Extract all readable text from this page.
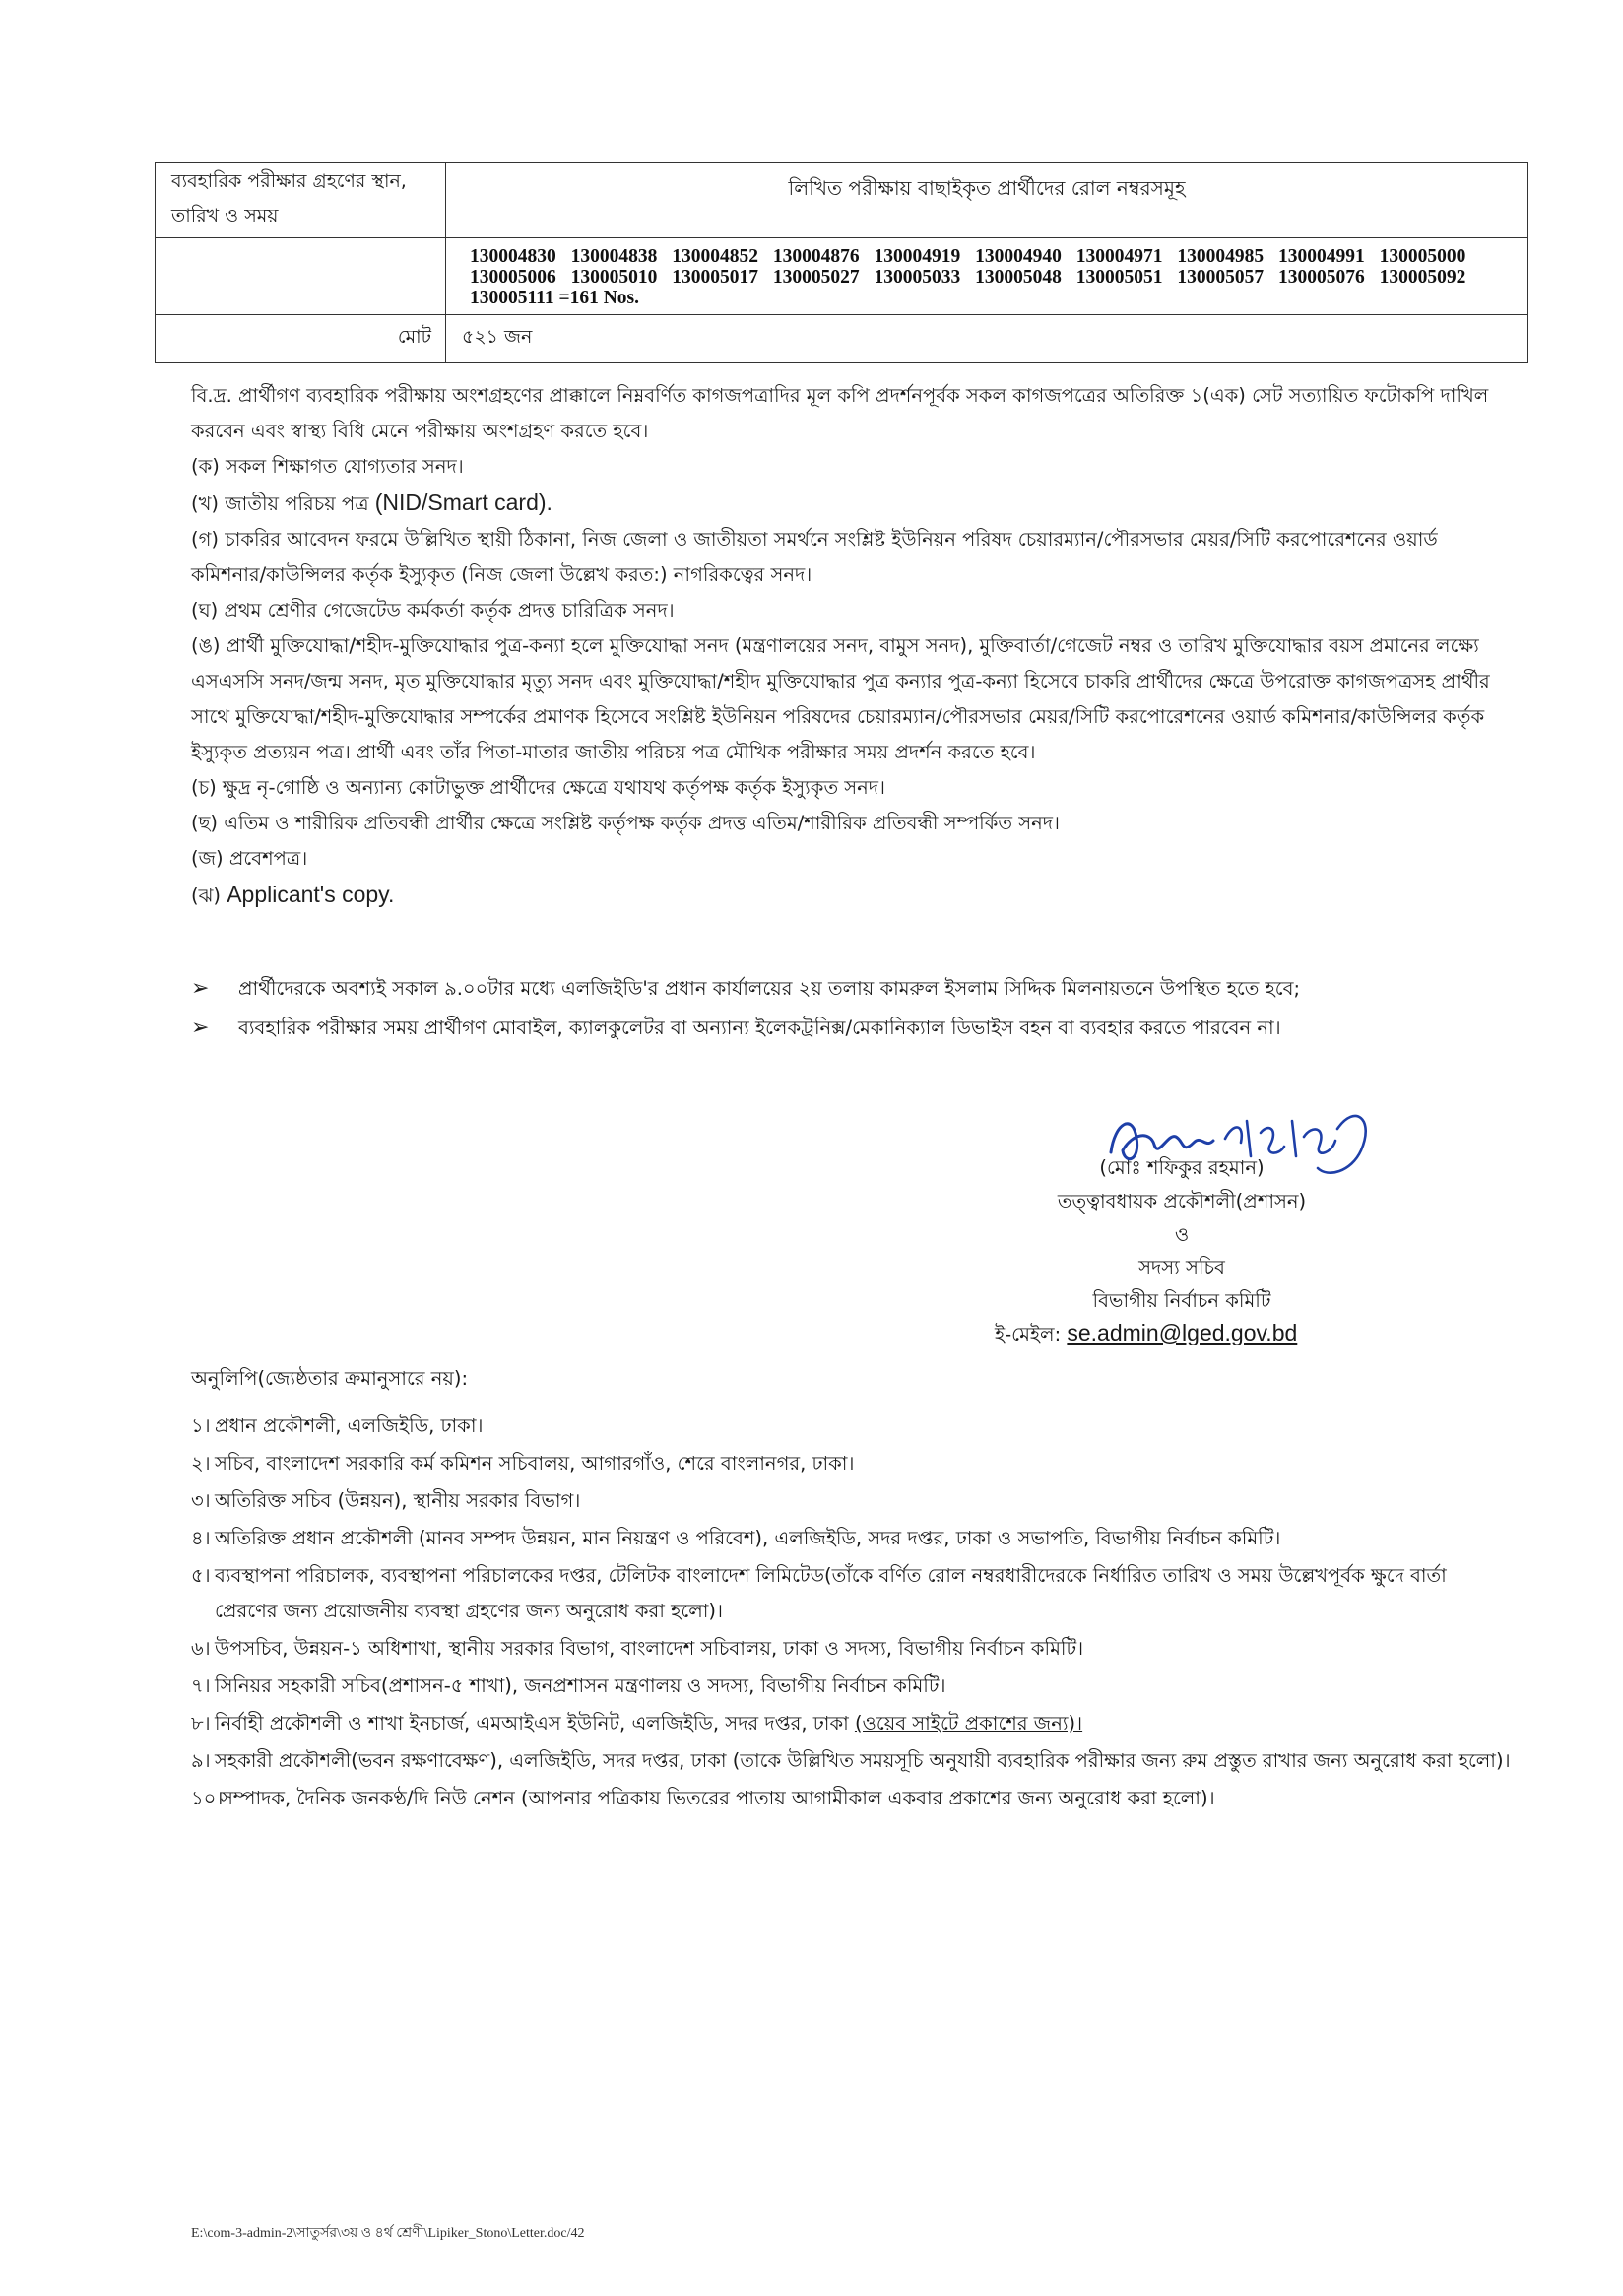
ব্যবহারিক পরীক্ষার গ্রহণের স্থান, তারিখ ও সময়	লিখিত পরীক্ষায় বাছাইকৃত প্রার্থীদের রোল নম্বরসমূহ
	130004830 130004838 130004852 130004876 130004919 130004940 130004971 130004985 130004991 130005000 130005006 130005010 130005017 130005027 130005033 130005048 130005051 130005057 130005076 130005092 130005111 =161 Nos.
মোট	৫২১ জন

বি.দ্র. প্রার্থীগণ ব্যবহারিক পরীক্ষায় অংশগ্রহণের প্রাক্কালে নিম্নবর্ণিত কাগজপত্রাদির মূল কপি প্রদর্শনপূর্বক সকল কাগজপত্রের অতিরিক্ত ১(এক) সেট সত্যায়িত ফটোকপি দাখিল করবেন এবং স্বাস্থ্য বিধি মেনে পরীক্ষায় অংশগ্রহণ করতে হবে।

(ক) সকল শিক্ষাগত যোগ্যতার সনদ।
(খ) জাতীয় পরিচয় পত্র (NID/Smart card).
(গ) চাকরির আবেদন ফরমে উল্লিখিত স্থায়ী ঠিকানা, নিজ জেলা ও জাতীয়তা সমর্থনে সংশ্লিষ্ট ইউনিয়ন পরিষদ চেয়ারম্যান/পৌরসভার মেয়র/সিটি করপোরেশনের ওয়ার্ড কমিশনার/কাউন্সিলর কর্তৃক ইস্যুকৃত (নিজ জেলা উল্লেখ করত:) নাগরিকত্বের সনদ।
(ঘ) প্রথম শ্রেণীর গেজেটেড কর্মকর্তা কর্তৃক প্রদত্ত চারিত্রিক সনদ।
(ঙ) প্রার্থী মুক্তিযোদ্ধা/শহীদ-মুক্তিযোদ্ধার পুত্র-কন্যা হলে মুক্তিযোদ্ধা সনদ (মন্ত্রণালয়ের সনদ, বামুস সনদ), মুক্তিবার্তা/গেজেট নম্বর ও তারিখ মুক্তিযোদ্ধার বয়স প্রমানের লক্ষ্যে এসএসসি সনদ/জন্ম সনদ, মৃত মুক্তিযোদ্ধার মৃত্যু সনদ এবং মুক্তিযোদ্ধা/শহীদ মুক্তিযোদ্ধার পুত্র কন্যার পুত্র-কন্যা হিসেবে চাকরি প্রার্থীদের ক্ষেত্রে উপরোক্ত কাগজপত্রসহ প্রার্থীর সাথে মুক্তিযোদ্ধা/শহীদ-মুক্তিযোদ্ধার সম্পর্কের প্রমাণক হিসেবে সংশ্লিষ্ট ইউনিয়ন পরিষদের চেয়ারম্যান/পৌরসভার মেয়র/সিটি করপোরেশনের ওয়ার্ড কমিশনার/কাউন্সিলর কর্তৃক ইস্যুকৃত প্রত্যয়ন পত্র। প্রার্থী এবং তাঁর পিতা-মাতার জাতীয় পরিচয় পত্র মৌখিক পরীক্ষার সময় প্রদর্শন করতে হবে।
(চ) ক্ষুদ্র নৃ-গোষ্ঠি ও অন্যান্য কোটাভুক্ত প্রার্থীদের ক্ষেত্রে যথাযথ কর্তৃপক্ষ কর্তৃক ইস্যুকৃত সনদ।
(ছ) এতিম ও শারীরিক প্রতিবন্ধী প্রার্থীর ক্ষেত্রে সংশ্লিষ্ট কর্তৃপক্ষ কর্তৃক প্রদত্ত এতিম/শারীরিক প্রতিবন্ধী সম্পর্কিত সনদ।
(জ) প্রবেশপত্র।
(ঝ) Applicant's copy.
➢ প্রার্থীদেরকে অবশ্যই সকাল ৯.০০টার মধ্যে এলজিইডি'র প্রধান কার্যালয়ের ২য় তলায় কামরুল ইসলাম সিদ্দিক মিলনায়তনে উপস্থিত হতে হবে;
➢ ব্যবহারিক পরীক্ষার সময় প্রার্থীগণ মোবাইল, ক্যালকুলেটর বা অন্যান্য ইলেকট্রনিক্স/মেকানিক্যাল ডিভাইস বহন বা ব্যবহার করতে পারবেন না।
(মোঃ শফিকুর রহমান)
তত্ত্বাবধায়ক প্রকৌশলী(প্রশাসন)
ও
সদস্য সচিব
বিভাগীয় নির্বাচন কমিটি
ই-মেইল: se.admin@lged.gov.bd
অনুলিপি(জ্যেষ্ঠতার ক্রমানুসারে নয়):
১। প্রধান প্রকৌশলী, এলজিইডি, ঢাকা।
২। সচিব, বাংলাদেশ সরকারি কর্ম কমিশন সচিবালয়, আগারগাঁও, শেরে বাংলানগর, ঢাকা।
৩। অতিরিক্ত সচিব (উন্নয়ন), স্থানীয় সরকার বিভাগ।
৪। অতিরিক্ত প্রধান প্রকৌশলী (মানব সম্পদ উন্নয়ন, মান নিয়ন্ত্রণ ও পরিবেশ), এলজিইডি, সদর দপ্তর, ঢাকা ও সভাপতি, বিভাগীয় নির্বাচন কমিটি।
৫। ব্যবস্থাপনা পরিচালক, ব্যবস্থাপনা পরিচালকের দপ্তর, টেলিটক বাংলাদেশ লিমিটেড(তাঁকে বর্ণিত রোল নম্বরধারীদেরকে নির্ধারিত তারিখ ও সময় উল্লেখপূর্বক ক্ষুদে বার্তা প্রেরণের জন্য প্রয়োজনীয় ব্যবস্থা গ্রহণের জন্য অনুরোধ করা হলো)।
৬। উপসচিব, উন্নয়ন-১ অধিশাখা, স্থানীয় সরকার বিভাগ, বাংলাদেশ সচিবালয়, ঢাকা ও সদস্য, বিভাগীয় নির্বাচন কমিটি।
৭। সিনিয়র সহকারী সচিব(প্রশাসন-৫ শাখা), জনপ্রশাসন মন্ত্রণালয় ও সদস্য, বিভাগীয় নির্বাচন কমিটি।
৮। নির্বাহী প্রকৌশলী ও শাখা ইনচার্জ, এমআইএস ইউনিট, এলজিইডি, সদর দপ্তর, ঢাকা (ওয়েব সাইটে প্রকাশের জন্য)।
৯। সহকারী প্রকৌশলী(ভবন রক্ষণাবেক্ষণ), এলজিইডি, সদর দপ্তর, ঢাকা (তাকে উল্লিখিত সময়সূচি অনুযায়ী ব্যবহারিক পরীক্ষার জন্য রুম প্রস্তুত রাখার জন্য অনুরোধ করা হলো)।
১০।
সম্পাদক, দৈনিক জনকণ্ঠ/দি নিউ নেশন (আপনার পত্রিকায় ভিতরের পাতায় আগামীকাল একবার প্রকাশের জন্য অনুরোধ করা হলো)।
E:\com-3-admin-2\সাতুর্সর\৩য় ও ৪র্থ শ্রেণী\Lipiker_Stono\Letter.doc/42
